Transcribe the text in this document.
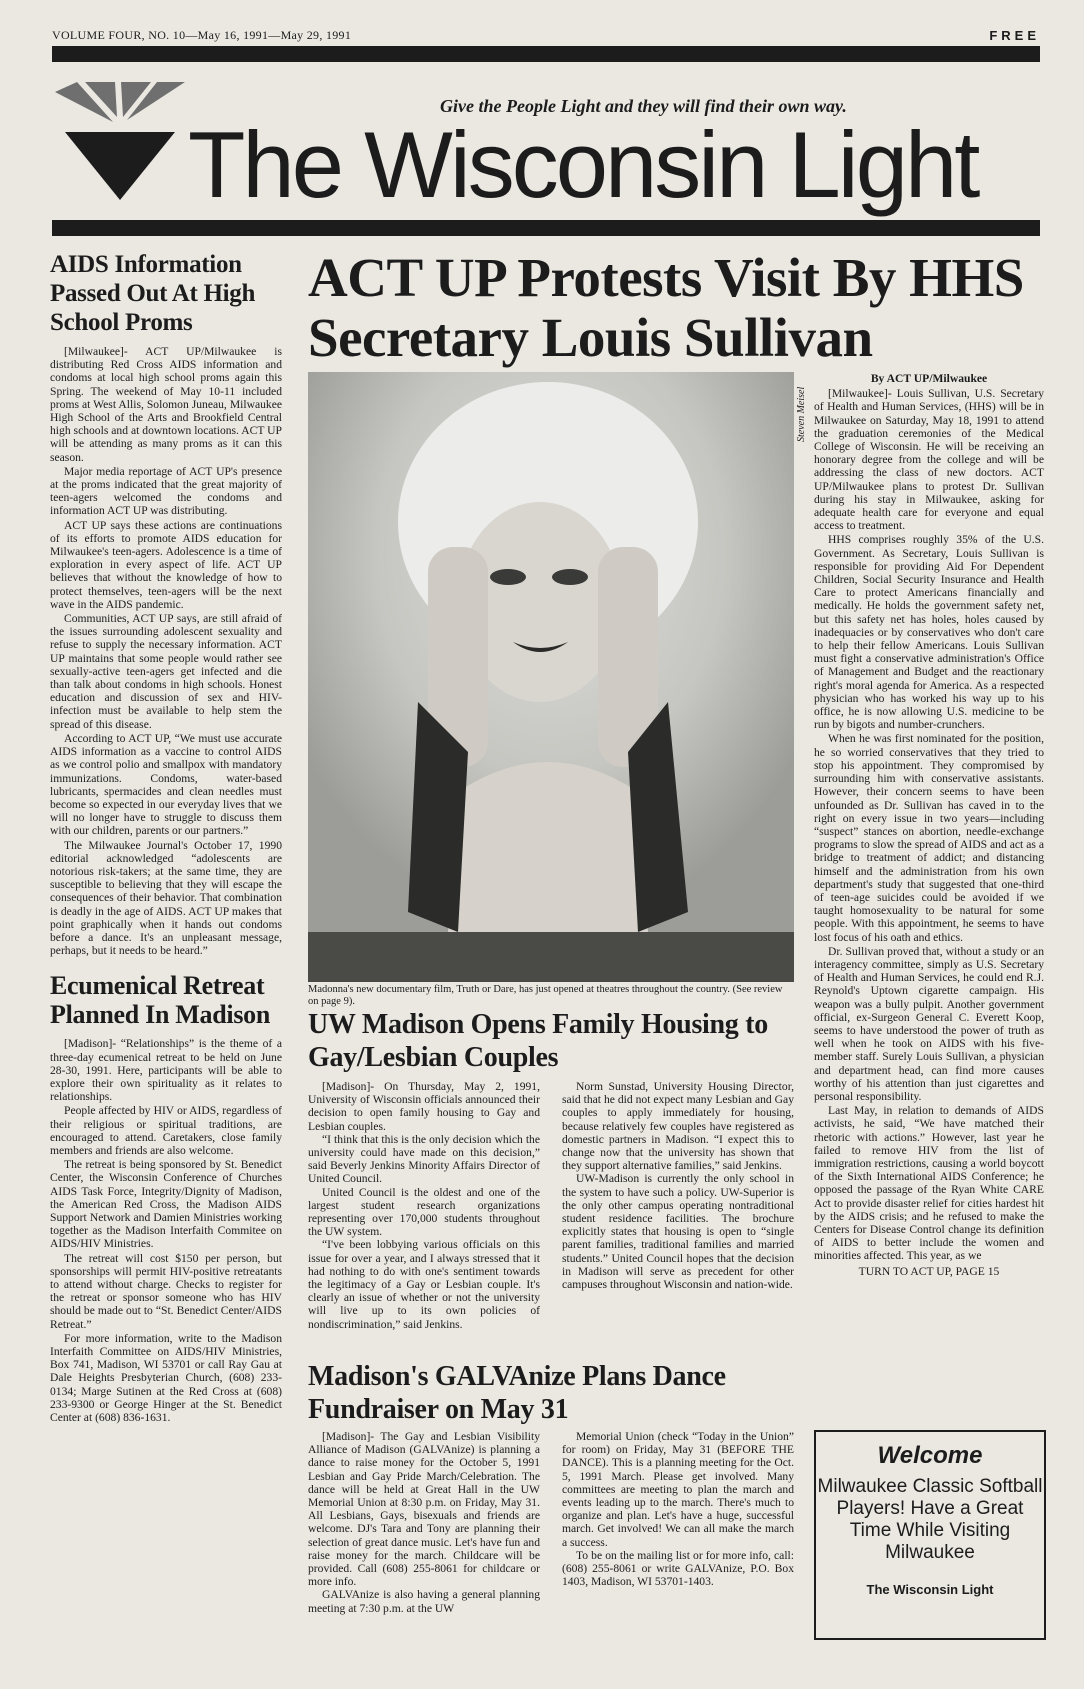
VOLUME FOUR, NO. 10—May 16, 1991—May 29, 1991	FREE
Give the People Light and they will find their own way.
The Wisconsin Light
AIDS Information Passed Out At High School Proms

[Milwaukee]- ACT UP/Milwaukee is distributing Red Cross AIDS information and condoms at local high school proms again this Spring. The weekend of May 10-11 included proms at West Allis, Solomon Juneau, Milwaukee High School of the Arts and Brookfield Central high schools and at downtown locations. ACT UP will be attending as many proms as it can this season.

Major media reportage of ACT UP's presence at the proms indicated that the great majority of teen-agers welcomed the condoms and information ACT UP was distributing.

ACT UP says these actions are continuations of its efforts to promote AIDS education for Milwaukee's teen-agers. Adolescence is a time of exploration in every aspect of life. ACT UP believes that without the knowledge of how to protect themselves, teen-agers will be the next wave in the AIDS pandemic.

Communities, ACT UP says, are still afraid of the issues surrounding adolescent sexuality and refuse to supply the necessary information. ACT UP maintains that some people would rather see sexually-active teen-agers get infected and die than talk about condoms in high schools. Honest education and discussion of sex and HIV-infection must be available to help stem the spread of this disease.

According to ACT UP, “We must use accurate AIDS information as a vaccine to control AIDS as we control polio and smallpox with mandatory immunizations. Condoms, water-based lubricants, spermacides and clean needles must become so expected in our everyday lives that we will no longer have to struggle to discuss them with our children, parents or our partners.”

The Milwaukee Journal's October 17, 1990 editorial acknowledged “adolescents are notorious risk-takers; at the same time, they are susceptible to believing that they will escape the consequences of their behavior. That combination is deadly in the age of AIDS. ACT UP makes that point graphically when it hands out condoms before a dance. It's an unpleasant message, perhaps, but it needs to be heard.”

Ecumenical Retreat Planned In Madison

[Madison]- “Relationships” is the theme of a three-day ecumenical retreat to be held on June 28-30, 1991. Here, participants will be able to explore their own spirituality as it relates to relationships.

People affected by HIV or AIDS, regardless of their religious or spiritual traditions, are encouraged to attend. Caretakers, close family members and friends are also welcome.

The retreat is being sponsored by St. Benedict Center, the Wisconsin Conference of Churches AIDS Task Force, Integrity/Dignity of Madison, the American Red Cross, the Madison AIDS Support Network and Damien Ministries working together as the Madison Interfaith Commitee on AIDS/HIV Ministries.

The retreat will cost $150 per person, but sponsorships will permit HIV-positive retreatants to attend without charge. Checks to register for the retreat or sponsor someone who has HIV should be made out to “St. Benedict Center/AIDS Retreat.”

For more information, write to the Madison Interfaith Committee on AIDS/HIV Ministries, Box 741, Madison, WI 53701 or call Ray Gau at Dale Heights Presbyterian Church, (608) 233-0134; Marge Sutinen at the Red Cross at (608) 233-9300 or George Hinger at the St. Benedict Center at (608) 836-1631.

ACT UP Protests Visit By HHS Secretary Louis Sullivan
Steven Meisel
Madonna's new documentary film, Truth or Dare, has just opened at theatres throughout the country. (See review on page 9).
UW Madison Opens Family Housing to Gay/Lesbian Couples

[Madison]- On Thursday, May 2, 1991, University of Wisconsin officials announced their decision to open family housing to Gay and Lesbian couples.

“I think that this is the only decision which the university could have made on this decision,” said Beverly Jenkins Minority Affairs Director of United Council.

United Council is the oldest and one of the largest student research organizations representing over 170,000 students throughout the UW system.

“I've been lobbying various officials on this issue for over a year, and I always stressed that it had nothing to do with one's sentiment towards the legitimacy of a Gay or Lesbian couple. It's clearly an issue of whether or not the university will live up to its own policies of nondiscrimination,” said Jenkins.

Norm Sunstad, University Housing Director, said that he did not expect many Lesbian and Gay couples to apply immediately for housing, because relatively few couples have registered as domestic partners in Madison. “I expect this to change now that the university has shown that they support alternative families,” said Jenkins.

UW-Madison is currently the only school in the system to have such a policy. UW-Superior is the only other campus operating nontraditional student residence facilities. The brochure explicitly states that housing is open to “single parent families, traditional families and married students.” United Council hopes that the decision in Madison will serve as precedent for other campuses throughout Wisconsin and nation-wide.

Madison's GALVAnize Plans Dance Fundraiser on May 31

[Madison]- The Gay and Lesbian Visibility Alliance of Madison (GALVAnize) is planning a dance to raise money for the October 5, 1991 Lesbian and Gay Pride March/Celebration. The dance will be held at Great Hall in the UW Memorial Union at 8:30 p.m. on Friday, May 31. All Lesbians, Gays, bisexuals and friends are welcome. DJ's Tara and Tony are planning their selection of great dance music. Let's have fun and raise money for the march. Childcare will be provided. Call (608) 255-8061 for childcare or more info.

GALVAnize is also having a general planning meeting at 7:30 p.m. at the UW

Memorial Union (check “Today in the Union” for room) on Friday, May 31 (BEFORE THE DANCE). This is a planning meeting for the Oct. 5, 1991 March. Please get involved. Many committees are meeting to plan the march and events leading up to the march. There's much to organize and plan. Let's have a huge, successful march. Get involved! We can all make the march a success.

To be on the mailing list or for more info, call: (608) 255-8061 or write GALVAnize, P.O. Box 1403, Madison, WI 53701-1403.

By ACT UP/Milwaukee

[Milwaukee]- Louis Sullivan, U.S. Secretary of Health and Human Services, (HHS) will be in Milwaukee on Saturday, May 18, 1991 to attend the graduation ceremonies of the Medical College of Wisconsin. He will be receiving an honorary degree from the college and will be addressing the class of new doctors. ACT UP/Milwaukee plans to protest Dr. Sullivan during his stay in Milwaukee, asking for adequate health care for everyone and equal access to treatment.

HHS comprises roughly 35% of the U.S. Government. As Secretary, Louis Sullivan is responsible for providing Aid For Dependent Children, Social Security Insurance and Health Care to protect Americans financially and medically. He holds the government safety net, but this safety net has holes, holes caused by inadequacies or by conservatives who don't care to help their fellow Americans. Louis Sullivan must fight a conservative administration's Office of Management and Budget and the reactionary right's moral agenda for America. As a respected physician who has worked his way up to his office, he is now allowing U.S. medicine to be run by bigots and number-crunchers.

When he was first nominated for the position, he so worried conservatives that they tried to stop his appointment. They compromised by surrounding him with conservative assistants. However, their concern seems to have been unfounded as Dr. Sullivan has caved in to the right on every issue in two years—including “suspect” stances on abortion, needle-exchange programs to slow the spread of AIDS and act as a bridge to treatment of addict; and distancing himself and the administration from his own department's study that suggested that one-third of teen-age suicides could be avoided if we taught homosexuality to be natural for some people. With this appointment, he seems to have lost focus of his oath and ethics.

Dr. Sullivan proved that, without a study or an interagency committee, simply as U.S. Secretary of Health and Human Services, he could end R.J. Reynold's Uptown cigarette campaign. His weapon was a bully pulpit. Another government official, ex-Surgeon General C. Everett Koop, seems to have understood the power of truth as well when he took on AIDS with his five-member staff. Surely Louis Sullivan, a physician and department head, can find more causes worthy of his attention than just cigarettes and personal responsibility.

Last May, in relation to demands of AIDS activists, he said, “We have matched their rhetoric with actions.” However, last year he failed to remove HIV from the list of immigration restrictions, causing a world boycott of the Sixth International AIDS Conference; he opposed the passage of the Ryan White CARE Act to provide disaster relief for cities hardest hit by the AIDS crisis; and he refused to make the Centers for Disease Control change its definition of AIDS to better include the women and minorities affected. This year, as we

TURN TO ACT UP, PAGE 15
Welcome
Milwaukee Classic Softball Players! Have a Great Time While Visiting Milwaukee
The Wisconsin Light
